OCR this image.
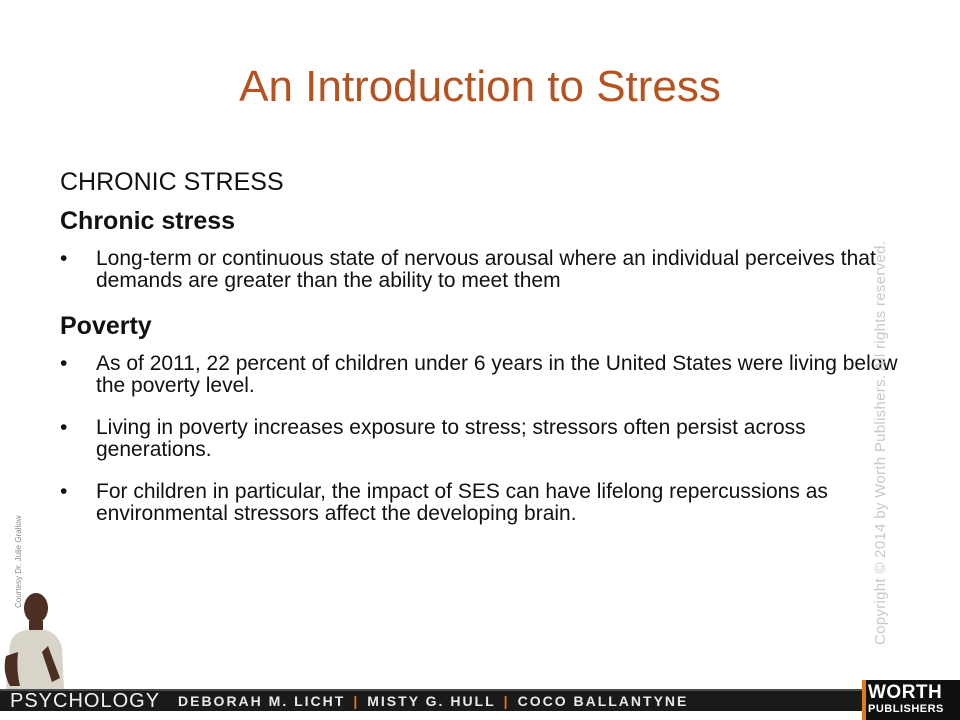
An Introduction to Stress
CHRONIC STRESS
Chronic stress
• Long-term or continuous state of nervous arousal where an individual perceives that demands are greater than the ability to meet them
Poverty
• As of 2011, 22 percent of children under 6 years in the United States were living below the poverty level.
• Living in poverty increases exposure to stress; stressors often persist across generations.
• For children in particular, the impact of SES can have lifelong repercussions as environmental stressors affect the developing brain.	Copyright © 2014 by Worth Publishers. All rights reserved.
Courtesy Dr. Julie Grallow
PSYCHOLOGY DEBORAH M. LICHT | MISTY G. HULL | COCO BALLANTYNE	WORTH
PUBLISHERS
